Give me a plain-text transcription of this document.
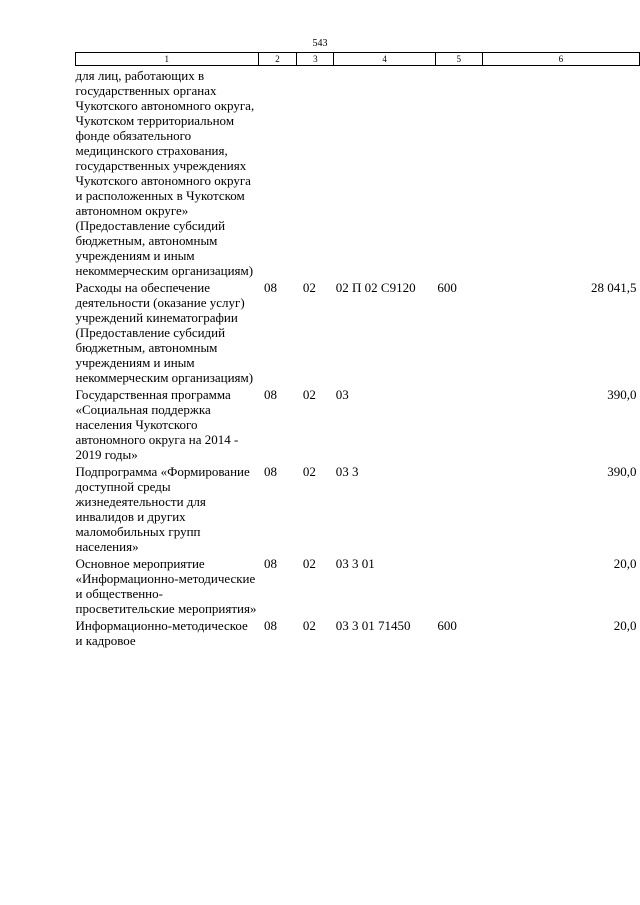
543
1	2	3	4	5	6
для лиц, работающих в государственных органах Чукотского автономного округа, Чукотском территориальном фонде обязательного медицинского страхования, государственных учреждениях Чукотского автономного округа и расположенных в Чукотском автономном округе» (Предоставление субсидий бюджетным, автономным учреждениям и иным некоммерческим организациям)					
Расходы на обеспечение деятельности (оказание услуг) учреждений кинематографии (Предоставление субсидий бюджетным, автономным учреждениям и иным некоммерческим организациям)	08	02	02 П 02 С9120	600	28 041,5
Государственная программа «Социальная поддержка населения Чукотского автономного округа на 2014 - 2019 годы»	08	02	03		390,0
Подпрограмма «Формирование доступной среды жизнедеятельности для инвалидов и других маломобильных групп населения»	08	02	03 3		390,0
Основное мероприятие «Информационно-методические и общественно-просветительские мероприятия»	08	02	03 3 01		20,0
Информационно-методическое и кадровое	08	02	03 3 01 71450	600	20,0
